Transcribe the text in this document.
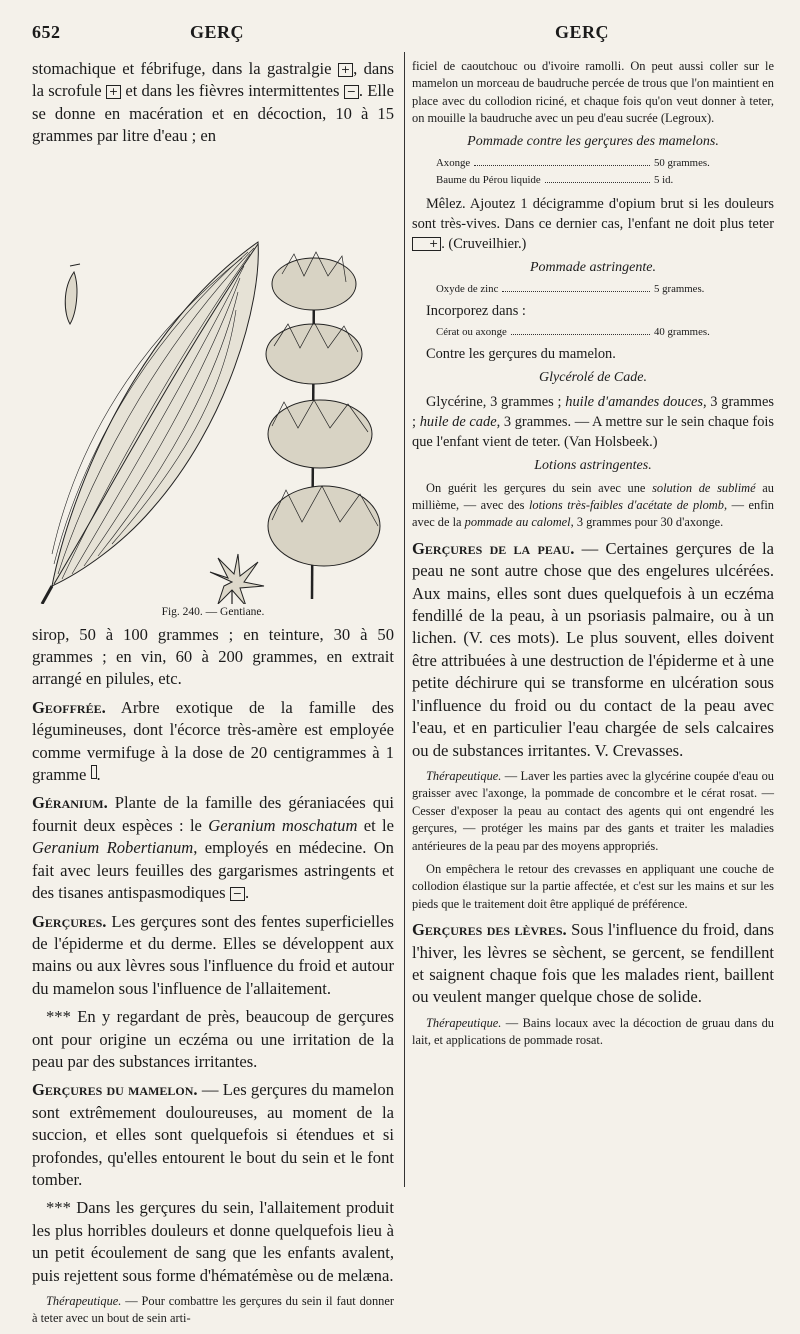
652	GERÇ	GERÇ

stomachique et fébrifuge, dans la gastralgie + , dans la scrofule + et dans les fièvres intermittentes − . Elle se donne en macération et en décoction, 10 à 15 grammes par litre d'eau ; en

Fig. 240. — Gentiane.

sirop, 50 à 100 grammes ; en teinture, 30 à 50 grammes ; en vin, 60 à 200 grammes, en extrait arrangé en pilules, etc.

Geoffrée. Arbre exotique de la famille des légumineuses, dont l'écorce très-amère est employée comme vermifuge à la dose de 20 centigrammes à 1 gramme .

Géranium. Plante de la famille des géraniacées qui fournit deux espèces : le Geranium moschatum et le Geranium Robertianum, employés en médecine. On fait avec leurs feuilles des gargarismes astringents et des tisanes antispasmodiques − .

Gerçures. Les gerçures sont des fentes superficielles de l'épiderme et du derme. Elles se développent aux mains ou aux lèvres sous l'influence du froid et autour du mamelon sous l'influence de l'allaitement.

*** En y regardant de près, beaucoup de gerçures ont pour origine un eczéma ou une irritation de la peau par des substances irritantes.

Gerçures du mamelon. — Les gerçures du mamelon sont extrêmement douloureuses, au moment de la succion, et elles sont quelquefois si étendues et si profondes, qu'elles entourent le bout du sein et le font tomber.

*** Dans les gerçures du sein, l'allaitement produit les plus horribles douleurs et donne quelquefois lieu à un petit écoulement de sang que les enfants avalent, puis rejettent sous forme d'hématémèse ou de melæna.

Thérapeutique. — Pour combattre les gerçures du sein il faut donner à teter avec un bout de sein arti-

ficiel de caoutchouc ou d'ivoire ramolli. On peut aussi coller sur le mamelon un morceau de baudruche percée de trous que l'on maintient en place avec du collodion riciné, et chaque fois qu'on veut donner à teter, on mouille la baudruche avec un peu d'eau sucrée (Legroux).

Pommade contre les gerçures des mamelons.
Axonge	50 grammes.
Baume du Pérou liquide	5 id.

Mêlez. Ajoutez 1 décigramme d'opium brut si les douleurs sont très-vives. Dans ce dernier cas, l'enfant ne doit plus teter + . (Cruveilhier.)

Pommade astringente.
Oxyde de zinc	5 grammes.

Incorporez dans :

Cérat ou axonge	40 grammes.

Contre les gerçures du mamelon.

Glycérolé de Cade.

Glycérine, 3 grammes ; huile d'amandes douces, 3 grammes ; huile de cade, 3 grammes. — A mettre sur le sein chaque fois que l'enfant vient de teter. (Van Holsbeek.)

Lotions astringentes.

On guérit les gerçures du sein avec une solution de sublimé au millième, — avec des lotions très-faibles d'acétate de plomb, — enfin avec de la pommade au calomel, 3 grammes pour 30 d'axonge.

Gerçures de la peau. — Certaines gerçures de la peau ne sont autre chose que des engelures ulcérées. Aux mains, elles sont dues quelquefois à un eczéma fendillé de la peau, à un psoriasis palmaire, ou à un lichen. (V. ces mots). Le plus souvent, elles doivent être attribuées à une destruction de l'épiderme et à une petite déchirure qui se transforme en ulcération sous l'influence du froid ou du contact de la peau avec l'eau, et en particulier l'eau chargée de sels calcaires ou de substances irritantes. V. Crevasses.

Thérapeutique. — Laver les parties avec la glycérine coupée d'eau ou graisser avec l'axonge, la pommade de concombre et le cérat rosat. — Cesser d'exposer la peau au contact des agents qui ont engendré les gerçures, — protéger les mains par des gants et traiter les maladies antérieures de la peau par des moyens appropriés.

On empêchera le retour des crevasses en appliquant une couche de collodion élastique sur la partie affectée, et c'est sur les mains et sur les pieds que le traitement doit être appliqué de préférence.

Gerçures des lèvres. Sous l'influence du froid, dans l'hiver, les lèvres se sèchent, se gercent, se fendillent et saignent chaque fois que les malades rient, baillent ou veulent manger quelque chose de solide.

Thérapeutique. — Bains locaux avec la décoction de gruau dans du lait, et applications de pommade rosat.
